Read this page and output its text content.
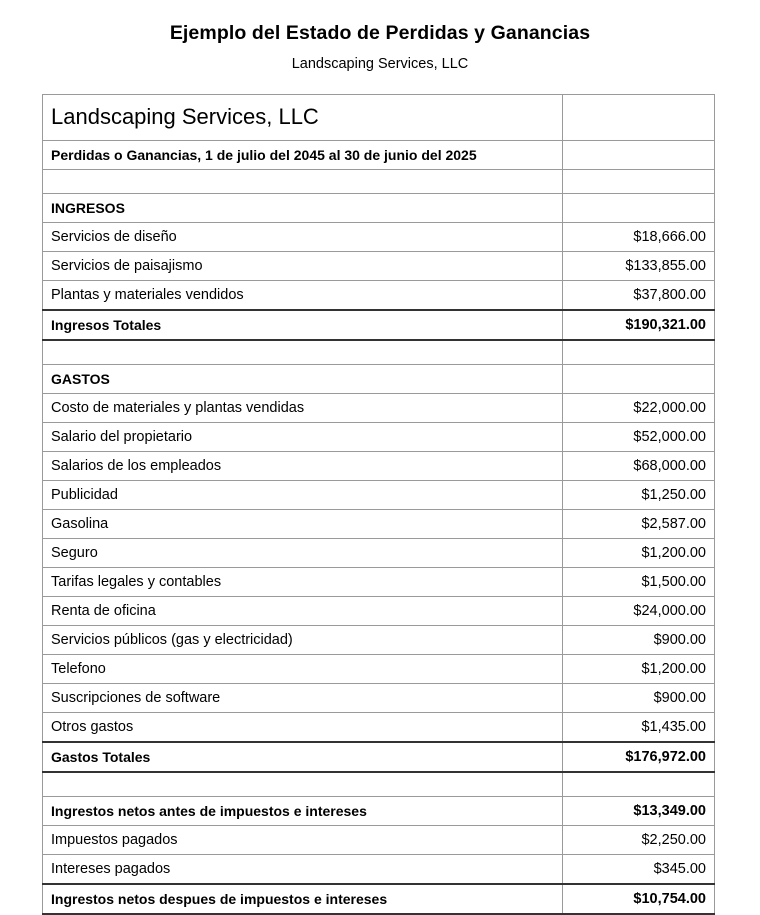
Ejemplo del Estado de Perdidas y Ganancias
Landscaping Services, LLC
Landscaping Services, LLC	
Perdidas o Ganancias, 1 de julio del 2045 al 30 de junio del 2025	

INGRESOS	
Servicios de diseño	$18,666.00
Servicios de paisajismo	$133,855.00
Plantas y materiales vendidos	$37,800.00
Ingresos Totales	$190,321.00

GASTOS	
Costo de materiales y plantas vendidas	$22,000.00
Salario del propietario	$52,000.00
Salarios de los empleados	$68,000.00
Publicidad	$1,250.00
Gasolina	$2,587.00
Seguro	$1,200.00
Tarifas legales y contables	$1,500.00
Renta de oficina	$24,000.00
Servicios públicos (gas y electricidad)	$900.00
Telefono	$1,200.00
Suscripciones de software	$900.00
Otros gastos	$1,435.00
Gastos Totales	$176,972.00

Ingrestos netos antes de impuestos e intereses	$13,349.00
Impuestos pagados	$2,250.00
Intereses pagados	$345.00
Ingrestos netos despues de impuestos e intereses	$10,754.00
